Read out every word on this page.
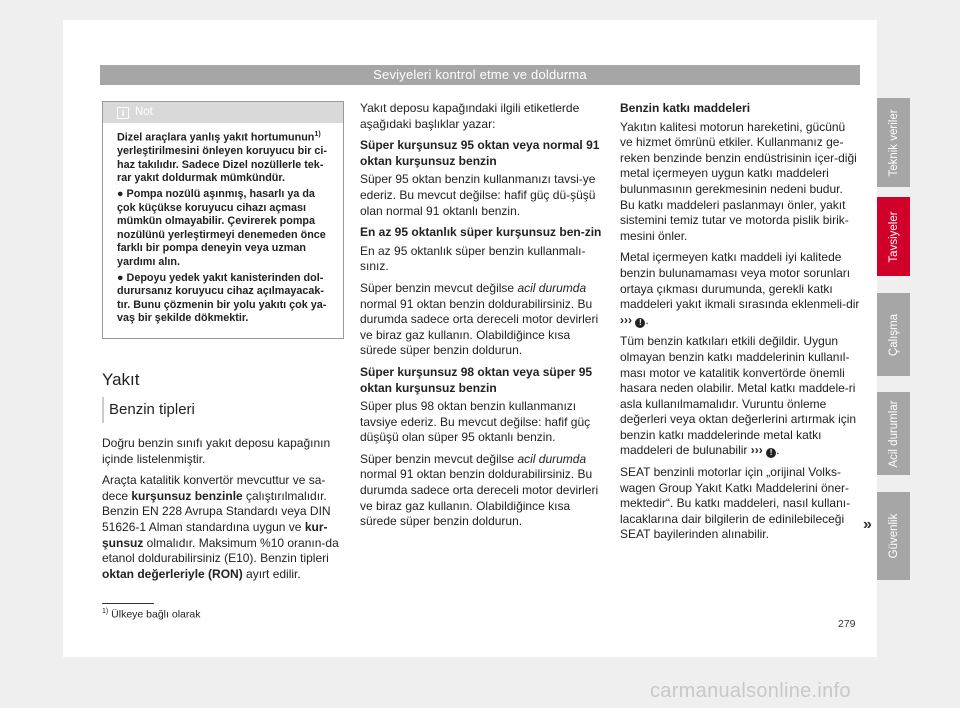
Seviyeleri kontrol etme ve doldurma
i Not

Dizel araçlara yanlış yakıt hortumunun$^{1)}$ yerleştirilmesini önleyen koruyucu bir ci-haz takılıdır. Sadece Dizel nozüllerle tek-rar yakıt doldurmak mümkündür.

● Pompa nozülü aşınmış, hasarlı ya da çok küçükse koruyucu cihazı açması mümkün olmayabilir. Çevirerek pompa nozülünü yerleştirmeyi denemeden önce farklı bir pompa deneyin veya uzman yardımı alın.

● Depoyu yedek yakıt kanisterinden dol-durursanız koruyucu cihaz açılmayacak-tır. Bunu çözmenin bir yolu yakıtı çok ya-vaş bir şekilde dökmektir.

Yakıt
Benzin tipleri

Doğru benzin sınıfı yakıt deposu kapağının içinde listelenmiştir.

Araçta katalitik konvertör mevcuttur ve sa-dece kurşunsuz benzinle çalıştırılmalıdır. Benzin EN 228 Avrupa Standardı veya DIN 51626-1 Alman standardına uygun ve kur-şunsuz olmalıdır. Maksimum %10 oranın-da etanol doldurabilirsiniz (E10). Benzin tipleri oktan değerleriyle (RON) ayırt edilir.

Yakıt deposu kapağındaki ilgili etiketlerde aşağıdaki başlıklar yazar:

Süper kurşunsuz 95 oktan veya normal 91 oktan kurşunsuz benzin

Süper 95 oktan benzin kullanmanızı tavsi-ye ederiz. Bu mevcut değilse: hafif güç dü-şüşü olan normal 91 oktanlı benzin.

En az 95 oktanlık süper kurşunsuz ben-zin

En az 95 oktanlık süper benzin kullanmalı-sınız.

Süper benzin mevcut değilse acil durumda normal 91 oktan benzin doldurabilirsiniz. Bu durumda sadece orta dereceli motor devirleri ve biraz gaz kullanın. Olabildiğince kısa sürede süper benzin doldurun.

Süper kurşunsuz 98 oktan veya süper 95 oktan kurşunsuz benzin

Süper plus 98 oktan benzin kullanmanızı tavsiye ederiz. Bu mevcut değilse: hafif güç düşüşü olan süper 95 oktanlı benzin.

Süper benzin mevcut değilse acil durumda normal 91 oktan benzin doldurabilirsiniz. Bu durumda sadece orta dereceli motor devirleri ve biraz gaz kullanın. Olabildiğince kısa sürede süper benzin doldurun.

Benzin katkı maddeleri

Yakıtın kalitesi motorun hareketini, gücünü ve hizmet ömrünü etkiler. Kullanmanız ge-reken benzinde benzin endüstrisinin içer-diği metal içermeyen uygun katkı maddeleri bulunmasının gerekmesinin nedeni budur. Bu katkı maddeleri paslanmayı önler, yakıt sistemini temiz tutar ve motorda pislik birik-mesini önler.

Metal içermeyen katkı maddeli iyi kalitede benzin bulunamaması veya motor sorunları ortaya çıkması durumunda, gerekli katkı maddeleri yakıt ikmali sırasında eklenmeli-dir ››› ! .

Tüm benzin katkıları etkili değildir. Uygun olmayan benzin katkı maddelerinin kullanıl-ması motor ve katalitik konvertörde önemli hasara neden olabilir. Metal katkı maddele-ri asla kullanılmamalıdır. Vuruntu önleme değerleri veya oktan değerlerini artırmak için benzin katkı maddelerinde metal katkı maddeleri de bulunabilir ››› ! .

SEAT benzinli motorlar için „orijinal Volks-wagen Group Yakıt Katkı Maddelerini öner-mektedir“. Bu katkı maddeleri, nasıl kullanı-lacaklarına dair bilgilerin de edinilebileceği SEAT bayilerinden alınabilir.

»
Teknik veriler
Tavsiyeler
Çalışma
Acil durumlar
Güvenlik
$^{1)}$ Ülkeye bağlı olarak
279
carmanualsonline.info
